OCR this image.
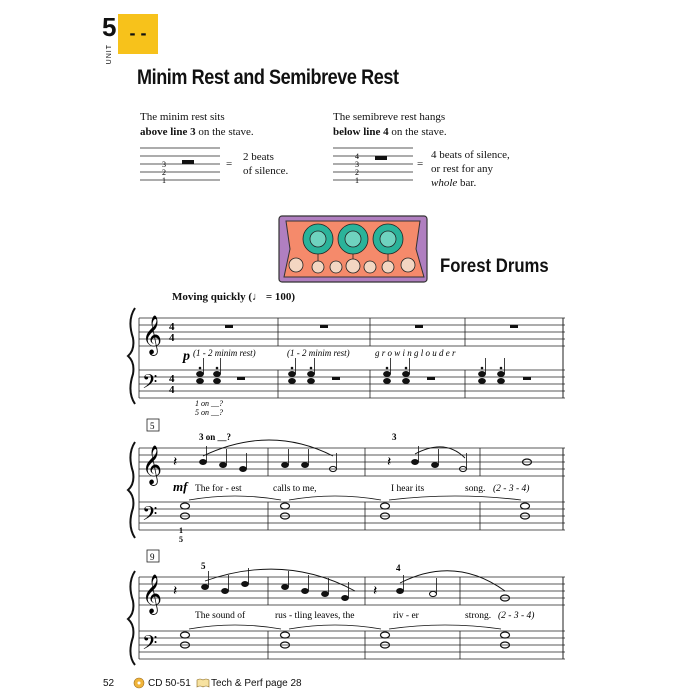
5
UNIT
- -
Minim Rest and Semibreve Rest
The minim rest sits
above line 3 on the stave.
3
2
1
=
2 beats
of silence.
The semibreve rest hangs
below line 4 on the stave.
4
3
2
1
=
4 beats of silence,
or rest for any
whole bar.
Forest Drums
Moving quickly (♩ = 100)
𝄞
𝄢
4
4
4
4
p (1 - 2 minim rest)	(1 - 2 minim rest)	g r o w i n g l o u d e r
1 on __?
5 on __?
5
𝄞
𝄢
𝄽	𝄽
3 on __?	3
mf The for - est	calls to me,	I hear its	song. (2 - 3 - 4)
1
5
9
𝄞
𝄢
𝄽	𝄽
5	4
The sound of	rus - tling leaves, the	riv - er	strong. (2 - 3 - 4)
52	CD 50-51 Tech & Perf page 28
